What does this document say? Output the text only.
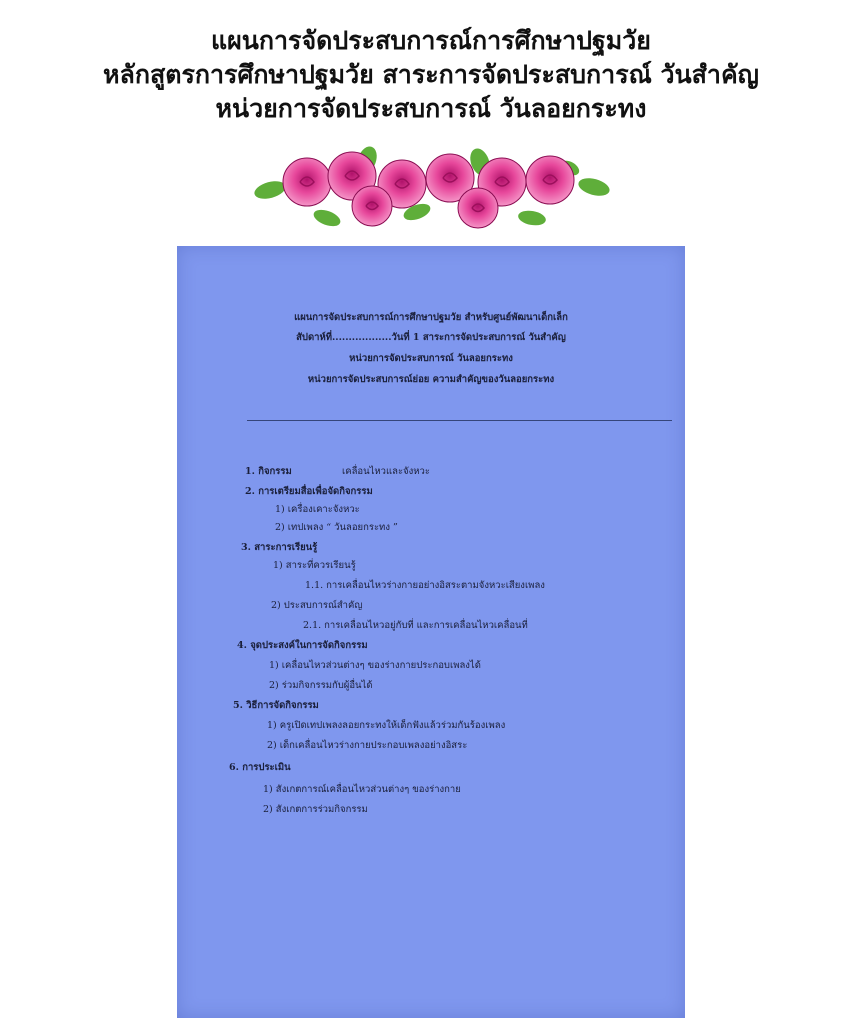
แผนการจัดประสบการณ์การศึกษาปฐมวัย
หลักสูตรการศึกษาปฐมวัย สาระการจัดประสบการณ์ วันสำคัญ
หน่วยการจัดประสบการณ์ วันลอยกระทง
แผนการจัดประสบการณ์การศึกษาปฐมวัย สำหรับศูนย์พัฒนาเด็กเล็ก
สัปดาห์ที่..................วันที่ 1 สาระการจัดประสบการณ์ วันสำคัญ
หน่วยการจัดประสบการณ์ วันลอยกระทง
หน่วยการจัดประสบการณ์ย่อย ความสำคัญของวันลอยกระทง
1. กิจกรรม	เคลื่อนไหวและจังหวะ
2. การเตรียมสื่อเพื่อจัดกิจกรรม
1) เครื่องเคาะจังหวะ
2) เทปเพลง “ วันลอยกระทง ”
3. สาระการเรียนรู้
1) สาระที่ควรเรียนรู้
1.1. การเคลื่อนไหวร่างกายอย่างอิสระตามจังหวะเสียงเพลง
2) ประสบการณ์สำคัญ
2.1. การเคลื่อนไหวอยู่กับที่ และการเคลื่อนไหวเคลื่อนที่
4. จุดประสงค์ในการจัดกิจกรรม
1) เคลื่อนไหวส่วนต่างๆ ของร่างกายประกอบเพลงได้
2) ร่วมกิจกรรมกับผู้อื่นได้
5. วิธีการจัดกิจกรรม
1) ครูเปิดเทปเพลงลอยกระทงให้เด็กฟังแล้วร่วมกันร้องเพลง
2) เด็กเคลื่อนไหวร่างกายประกอบเพลงอย่างอิสระ
6. การประเมิน
1) สังเกตการณ์เคลื่อนไหวส่วนต่างๆ ของร่างกาย
2) สังเกตการร่วมกิจกรรม
